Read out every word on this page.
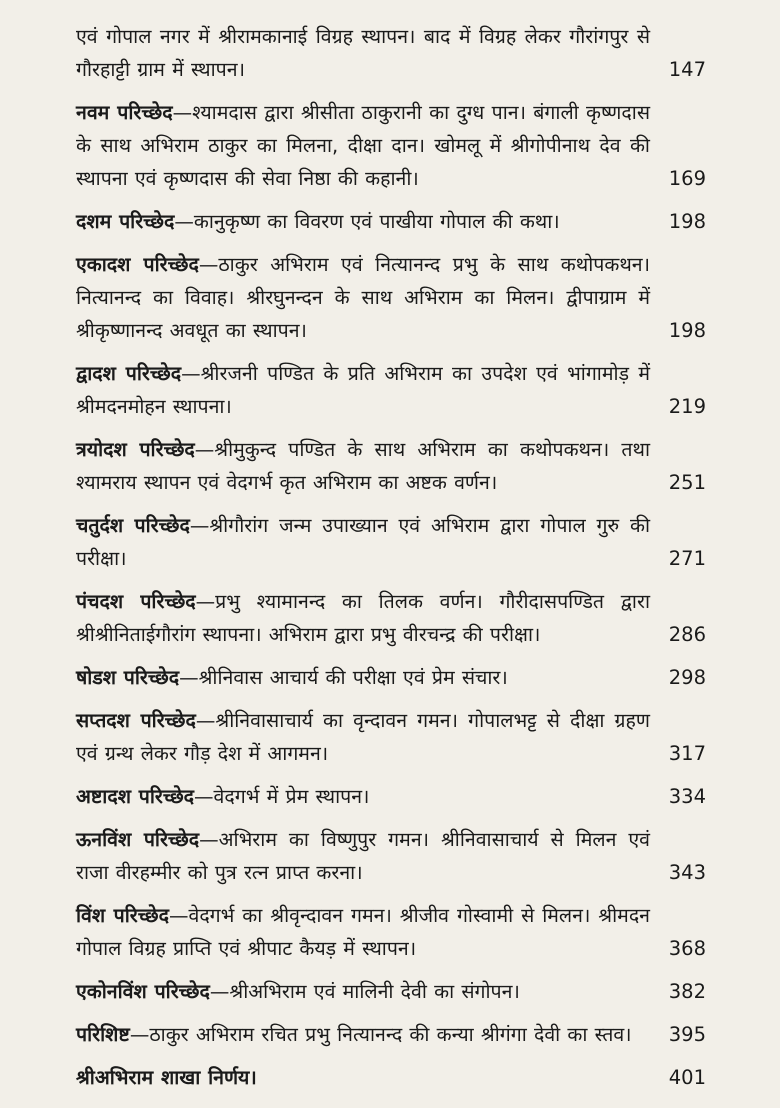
एवं गोपाल नगर में श्रीरामकानाई विग्रह स्थापन। बाद में विग्रह लेकर गौरांगपुर से गौरहाट्टी ग्राम में स्थापन।	147
नवम परिच्छेद—श्यामदास द्वारा श्रीसीता ठाकुरानी का दुग्ध पान। बंगाली कृष्णदास के साथ अभिराम ठाकुर का मिलना, दीक्षा दान। खोमलू में श्रीगोपीनाथ देव की स्थापना एवं कृष्णदास की सेवा निष्ठा की कहानी।	169
दशम परिच्छेद—कानुकृष्ण का विवरण एवं पाखीया गोपाल की कथा।	198
एकादश परिच्छेद—ठाकुर अभिराम एवं नित्यानन्द प्रभु के साथ कथोपकथन। नित्यानन्द का विवाह। श्रीरघुनन्दन के साथ अभिराम का मिलन। द्वीपाग्राम में श्रीकृष्णानन्द अवधूत का स्थापन।	198
द्वादश परिच्छेद—श्रीरजनी पण्डित के प्रति अभिराम का उपदेश एवं भांगामोड़ में श्रीमदनमोहन स्थापना।	219
त्रयोदश परिच्छेद—श्रीमुकुन्द पण्डित के साथ अभिराम का कथोपकथन। तथा श्यामराय स्थापन एवं वेदगर्भ कृत अभिराम का अष्टक वर्णन।	251
चतुर्दश परिच्छेद—श्रीगौरांग जन्म उपाख्यान एवं अभिराम द्वारा गोपाल गुरु की परीक्षा।	271
पंचदश परिच्छेद—प्रभु श्यामानन्द का तिलक वर्णन। गौरीदासपण्डित द्वारा श्रीश्रीनिताईगौरांग स्थापना। अभिराम द्वारा प्रभु वीरचन्द्र की परीक्षा।	286
षोडश परिच्छेद—श्रीनिवास आचार्य की परीक्षा एवं प्रेम संचार।	298
सप्तदश परिच्छेद—श्रीनिवासाचार्य का वृन्दावन गमन। गोपालभट्ट से दीक्षा ग्रहण एवं ग्रन्थ लेकर गौड़ देश में आगमन।	317
अष्टादश परिच्छेद—वेदगर्भ में प्रेम स्थापन।	334
ऊनविंश परिच्छेद—अभिराम का विष्णुपुर गमन। श्रीनिवासाचार्य से मिलन एवं राजा वीरहम्मीर को पुत्र रत्न प्राप्त करना।	343
विंश परिच्छेद—वेदगर्भ का श्रीवृन्दावन गमन। श्रीजीव गोस्वामी से मिलन। श्रीमदन गोपाल विग्रह प्राप्ति एवं श्रीपाट कैयड़ में स्थापन।	368
एकोनविंश परिच्छेद—श्रीअभिराम एवं मालिनी देवी का संगोपन।	382
परिशिष्ट—ठाकुर अभिराम रचित प्रभु नित्यानन्द की कन्या श्रीगंगा देवी का स्तव।	395
श्रीअभिराम शाखा निर्णय।	401
